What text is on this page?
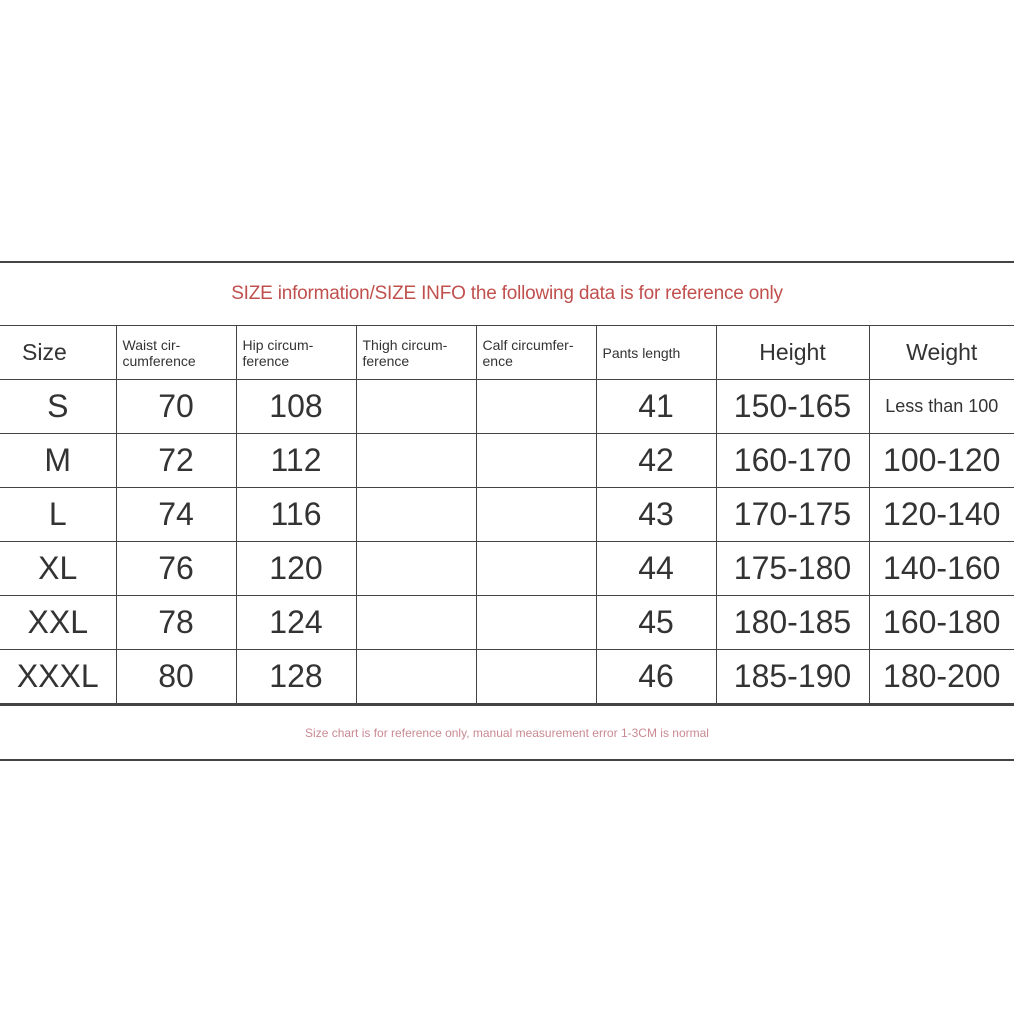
SIZE information/SIZE INFO the following data is for reference only
Size	Waist cir-cumference	Hip circum-ference	Thigh circum-ference	Calf circumfer-ence	Pants length	Height	Weight
S	70	108			41	150-165	Less than 100
M	72	112			42	160-170	100-120
L	74	116			43	170-175	120-140
XL	76	120			44	175-180	140-160
XXL	78	124			45	180-185	160-180
XXXL	80	128			46	185-190	180-200
Size chart is for reference only, manual measurement error 1-3CM is normal
